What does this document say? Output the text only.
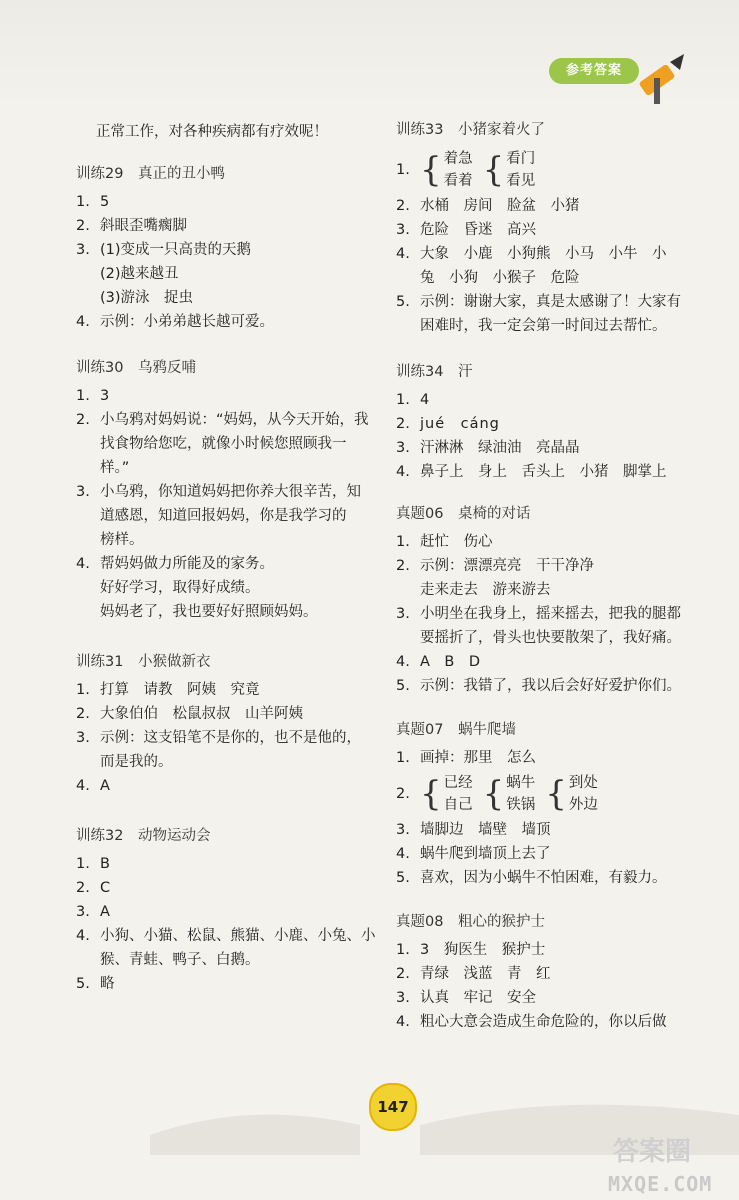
参考答案
正常工作，对各种疾病都有疗效呢！
训练29　真正的丑小鸭
1. 5
2. 斜眼歪嘴瘸脚
3. (1)变成一只高贵的天鹅
(2)越来越丑
(3)游泳　捉虫
4. 示例：小弟弟越长越可爱。
训练30　乌鸦反哺
1. 3
2. 小乌鸦对妈妈说：“妈妈，从今天开始，我
找食物给您吃，就像小时候您照顾我一
样。”
3. 小乌鸦，你知道妈妈把你养大很辛苦，知
道感恩，知道回报妈妈，你是我学习的
榜样。
4. 帮妈妈做力所能及的家务。
好好学习，取得好成绩。
妈妈老了，我也要好好照顾妈妈。
训练31　小猴做新衣
1. 打算　请教　阿姨　究竟
2. 大象伯伯　松鼠叔叔　山羊阿姨
3. 示例：这支铅笔不是你的，也不是他的，
而是我的。
4. A
训练32　动物运动会
1. B
2. C
3. A
4. 小狗、小猫、松鼠、熊猫、小鹿、小兔、小
猴、青蛙、鸭子、白鹅。
5. 略
训练33　小猪家着火了
1. { 着急
看着 { 看门
看见
2. 水桶　房间　脸盆　小猪
3. 危险　昏迷　高兴
4. 大象　小鹿　小狗熊　小马　小牛　小
兔　小狗　小猴子　危险
5. 示例：谢谢大家，真是太感谢了！大家有
困难时，我一定会第一时间过去帮忙。
训练34　汗
1. 4
2. jué　cáng
3. 汗淋淋　绿油油　亮晶晶
4. 鼻子上　身上　舌头上　小猪　脚掌上
真题06　桌椅的对话
1. 赶忙　伤心
2. 示例：漂漂亮亮　干干净净
走来走去　游来游去
3. 小明坐在我身上，摇来摇去，把我的腿都
要摇折了，骨头也快要散架了，我好痛。
4. A　B　D
5. 示例：我错了，我以后会好好爱护你们。
真题07　蜗牛爬墙
1. 画掉：那里　怎么
2. { 已经
自己 { 蜗牛
铁锅 { 到处
外边
3. 墙脚边　墙壁　墙顶
4. 蜗牛爬到墙顶上去了
5. 喜欢，因为小蜗牛不怕困难，有毅力。
真题08　粗心的猴护士
1. 3　狗医生　猴护士
2. 青绿　浅蓝　青　红
3. 认真　牢记　安全
4. 粗心大意会造成生命危险的，你以后做
147
答案圈
MXQE.COM
